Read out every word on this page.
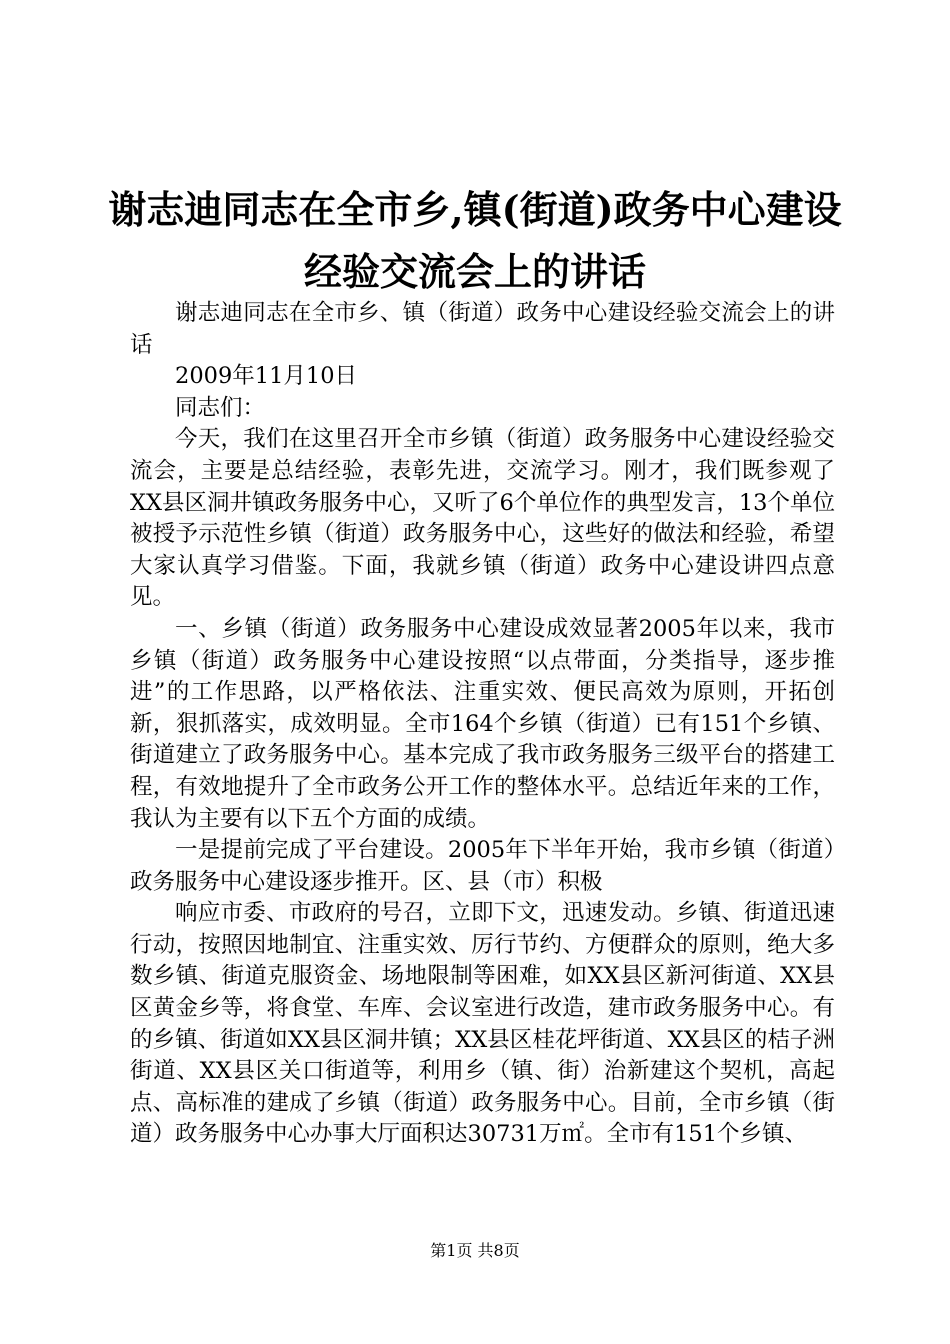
谢志迪同志在全市乡,镇(街道)政务中心建设
经验交流会上的讲话

谢志迪同志在全市乡、镇（街道）政务中心建设经验交流会上的讲话

2009年11月10日

同志们：

今天，我们在这里召开全市乡镇（街道）政务服务中心建设经验交流会，主要是总结经验，表彰先进，交流学习。刚才，我们既参观了XX县区洞井镇政务服务中心，又听了6个单位作的典型发言，13个单位被授予示范性乡镇（街道）政务服务中心，这些好的做法和经验，希望大家认真学习借鉴。下面，我就乡镇（街道）政务中心建设讲四点意见。

一、乡镇（街道）政务服务中心建设成效显著2005年以来，我市乡镇（街道）政务服务中心建设按照“以点带面，分类指导，逐步推进”的工作思路，以严格依法、注重实效、便民高效为原则，开拓创新，狠抓落实，成效明显。全市164个乡镇（街道）已有151个乡镇、街道建立了政务服务中心。基本完成了我市政务服务三级平台的搭建工程，有效地提升了全市政务公开工作的整体水平。总结近年来的工作，我认为主要有以下五个方面的成绩。

一是提前完成了平台建设。2005年下半年开始，我市乡镇（街道）政务服务中心建设逐步推开。区、县（市）积极

响应市委、市政府的号召，立即下文，迅速发动。乡镇、街道迅速行动，按照因地制宜、注重实效、厉行节约、方便群众的原则，绝大多数乡镇、街道克服资金、场地限制等困难，如XX县区新河街道、XX县区黄金乡等，将食堂、车库、会议室进行改造，建市政务服务中心。有的乡镇、街道如XX县区洞井镇；XX县区桂花坪街道、XX县区的桔子洲街道、XX县区关口街道等，利用乡（镇、街）治新建这个契机，高起点、高标准的建成了乡镇（街道）政务服务中心。目前，全市乡镇（街道）政务服务中心办事大厅面积达30731万㎡。全市有151个乡镇、

第1页 共8页
